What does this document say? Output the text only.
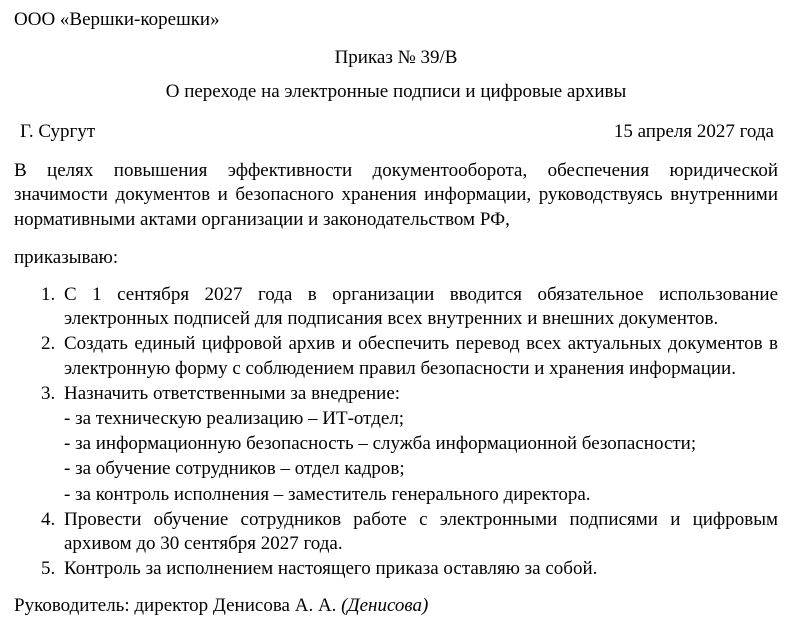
ООО «Вершки-корешки»
Приказ № 39/В
О переходе на электронные подписи и цифровые архивы
Г. Сургут	15 апреля 2027 года
В целях повышения эффективности документооборота, обеспечения юридической значимости документов и безопасного хранения информации, руководствуясь внутренними нормативными актами организации и законодательством РФ,
приказываю:
1. С 1 сентября 2027 года в организации вводится обязательное использование электронных подписей для подписания всех внутренних и внешних документов.
2. Создать единый цифровой архив и обеспечить перевод всех актуальных документов в электронную форму с соблюдением правил безопасности и хранения информации.
3. Назначить ответственными за внедрение:
- за техническую реализацию – ИТ-отдел;
- за информационную безопасность – служба информационной безопасности;
- за обучение сотрудников – отдел кадров;
- за контроль исполнения – заместитель генерального директора.
4. Провести обучение сотрудников работе с электронными подписями и цифровым архивом до 30 сентября 2027 года.
5. Контроль за исполнением настоящего приказа оставляю за собой.
Руководитель: директор Денисова А. А. (Денисова)
